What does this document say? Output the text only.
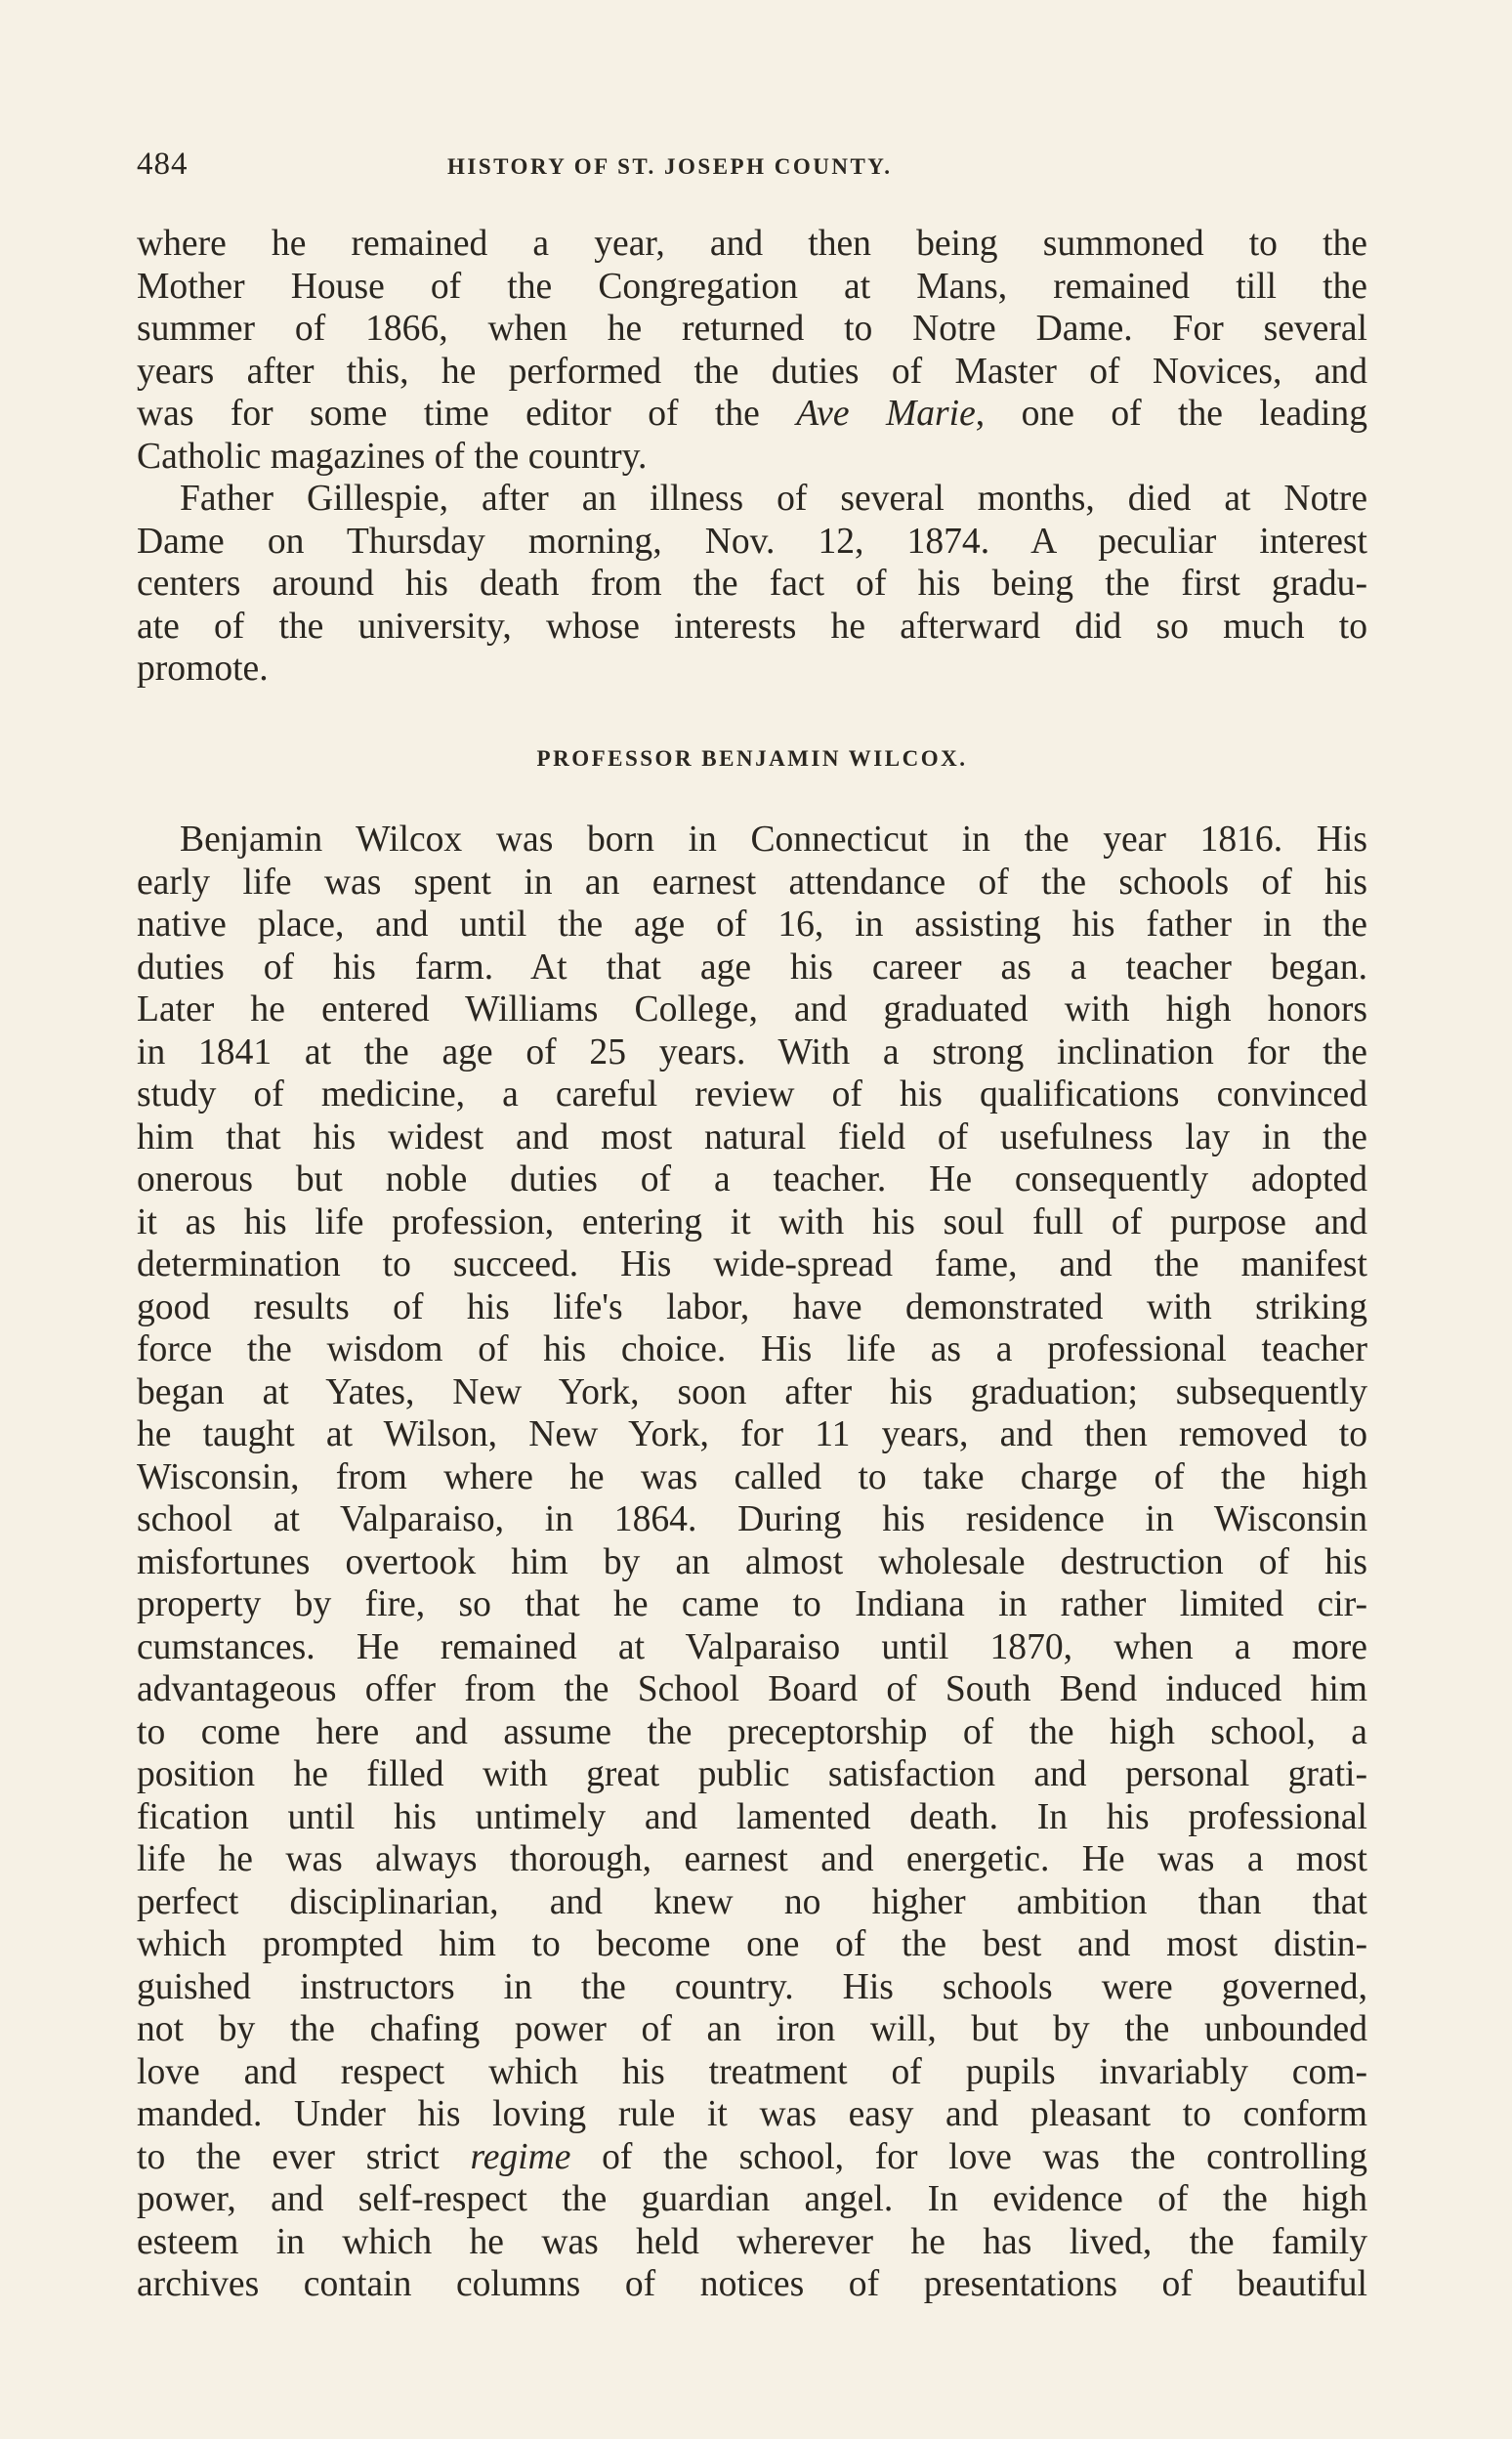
484	HISTORY OF ST. JOSEPH COUNTY.

where he remained a year, and then being summoned to the
Mother House of the Congregation at Mans, remained till the
summer of 1866, when he returned to Notre Dame. For several
years after this, he performed the duties of Master of Novices, and
was for some time editor of the Ave Marie, one of the leading
Catholic magazines of the country.

Father Gillespie, after an illness of several months, died at Notre
Dame on Thursday morning, Nov. 12, 1874. A peculiar interest
centers around his death from the fact of his being the first gradu-
ate of the university, whose interests he afterward did so much to
promote.

PROFESSOR BENJAMIN WILCOX.

Benjamin Wilcox was born in Connecticut in the year 1816. His
early life was spent in an earnest attendance of the schools of his
native place, and until the age of 16, in assisting his father in the
duties of his farm. At that age his career as a teacher began.
Later he entered Williams College, and graduated with high honors
in 1841 at the age of 25 years. With a strong inclination for the
study of medicine, a careful review of his qualifications convinced
him that his widest and most natural field of usefulness lay in the
onerous but noble duties of a teacher. He consequently adopted
it as his life profession, entering it with his soul full of purpose and
determination to succeed. His wide-spread fame, and the manifest
good results of his life's labor, have demonstrated with striking
force the wisdom of his choice. His life as a professional teacher
began at Yates, New York, soon after his graduation; subsequently
he taught at Wilson, New York, for 11 years, and then removed to
Wisconsin, from where he was called to take charge of the high
school at Valparaiso, in 1864. During his residence in Wisconsin
misfortunes overtook him by an almost wholesale destruction of his
property by fire, so that he came to Indiana in rather limited cir-
cumstances. He remained at Valparaiso until 1870, when a more
advantageous offer from the School Board of South Bend induced him
to come here and assume the preceptorship of the high school, a
position he filled with great public satisfaction and personal grati-
fication until his untimely and lamented death. In his professional
life he was always thorough, earnest and energetic. He was a most
perfect disciplinarian, and knew no higher ambition than that
which prompted him to become one of the best and most distin-
guished instructors in the country. His schools were governed,
not by the chafing power of an iron will, but by the unbounded
love and respect which his treatment of pupils invariably com-
manded. Under his loving rule it was easy and pleasant to conform
to the ever strict regime of the school, for love was the controlling
power, and self-respect the guardian angel. In evidence of the high
esteem in which he was held wherever he has lived, the family
archives contain columns of notices of presentations of beautiful
